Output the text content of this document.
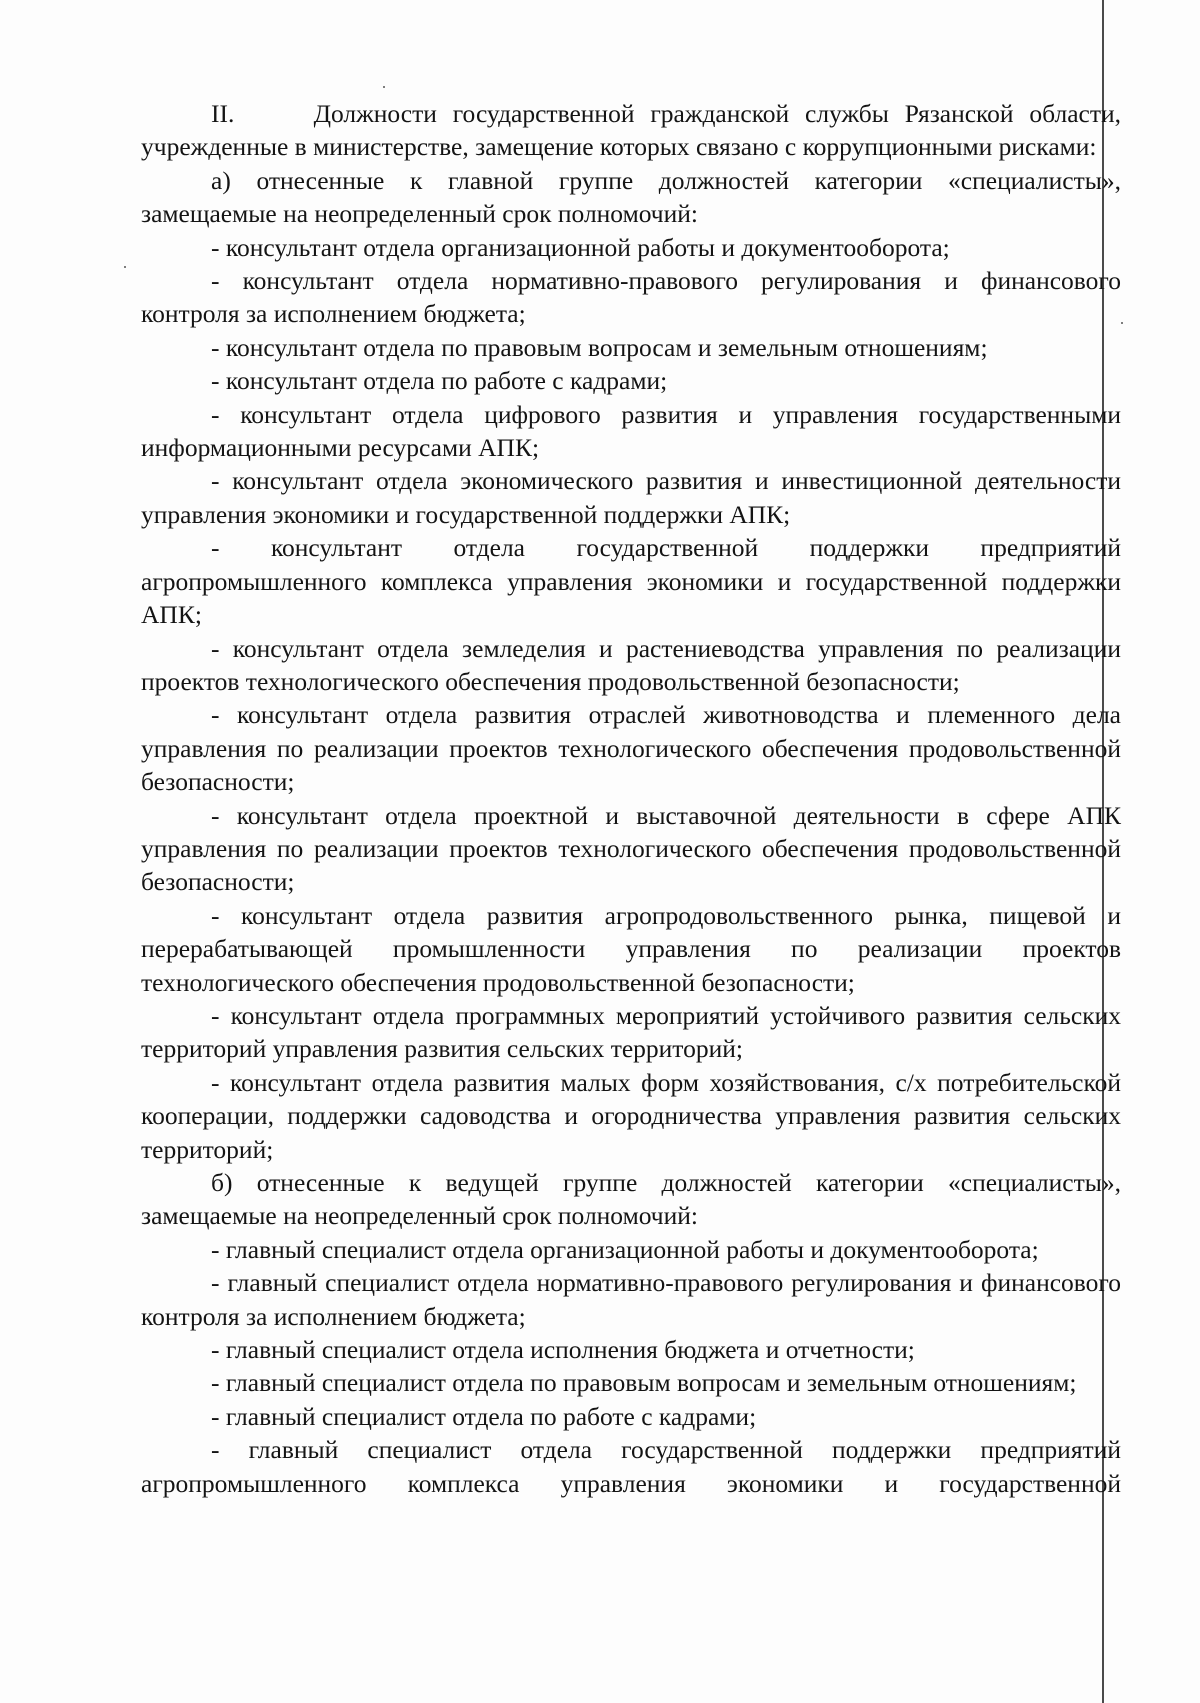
II.     Должности государственной гражданской службы Рязанской области, учрежденные в министерстве, замещение которых связано с коррупционными рисками:

а) отнесенные к главной группе должностей категории «специалисты», замещаемые на неопределенный срок полномочий:

- консультант отдела организационной работы и документооборота;

- консультант отдела нормативно-правового регулирования и финансового контроля за исполнением бюджета;

- консультант отдела по правовым вопросам и земельным отношениям;

- консультант отдела по работе с кадрами;

- консультант отдела цифрового развития и управления государственными информационными ресурсами АПК;

- консультант отдела экономического развития и инвестиционной деятельности управления экономики и государственной поддержки АПК;

- консультант отдела государственной поддержки предприятий агропромышленного комплекса управления экономики и государственной поддержки АПК;

- консультант отдела земледелия и растениеводства управления по реализации проектов технологического обеспечения продовольственной безопасности;

- консультант отдела развития отраслей животноводства и племенного дела управления по реализации проектов технологического обеспечения продовольственной безопасности;

- консультант отдела проектной и выставочной деятельности в сфере АПК управления по реализации проектов технологического обеспечения продовольственной безопасности;

- консультант отдела развития агропродовольственного рынка, пищевой и перерабатывающей промышленности управления по реализации проектов технологического обеспечения продовольственной безопасности;

- консультант отдела программных мероприятий устойчивого развития сельских территорий управления развития сельских территорий;

- консультант отдела развития малых форм хозяйствования, с/х потребительской кооперации, поддержки садоводства и огородничества управления развития сельских территорий;

б) отнесенные к ведущей группе должностей категории «специалисты», замещаемые на неопределенный срок полномочий:

- главный специалист отдела организационной работы и документооборота;

- главный специалист отдела нормативно-правового регулирования и финансового контроля за исполнением бюджета;

- главный специалист отдела исполнения бюджета и отчетности;

- главный специалист отдела по правовым вопросам и земельным отношениям;

- главный специалист отдела по работе с кадрами;

- главный специалист отдела государственной поддержки предприятий агропромышленного комплекса управления экономики и государственной
